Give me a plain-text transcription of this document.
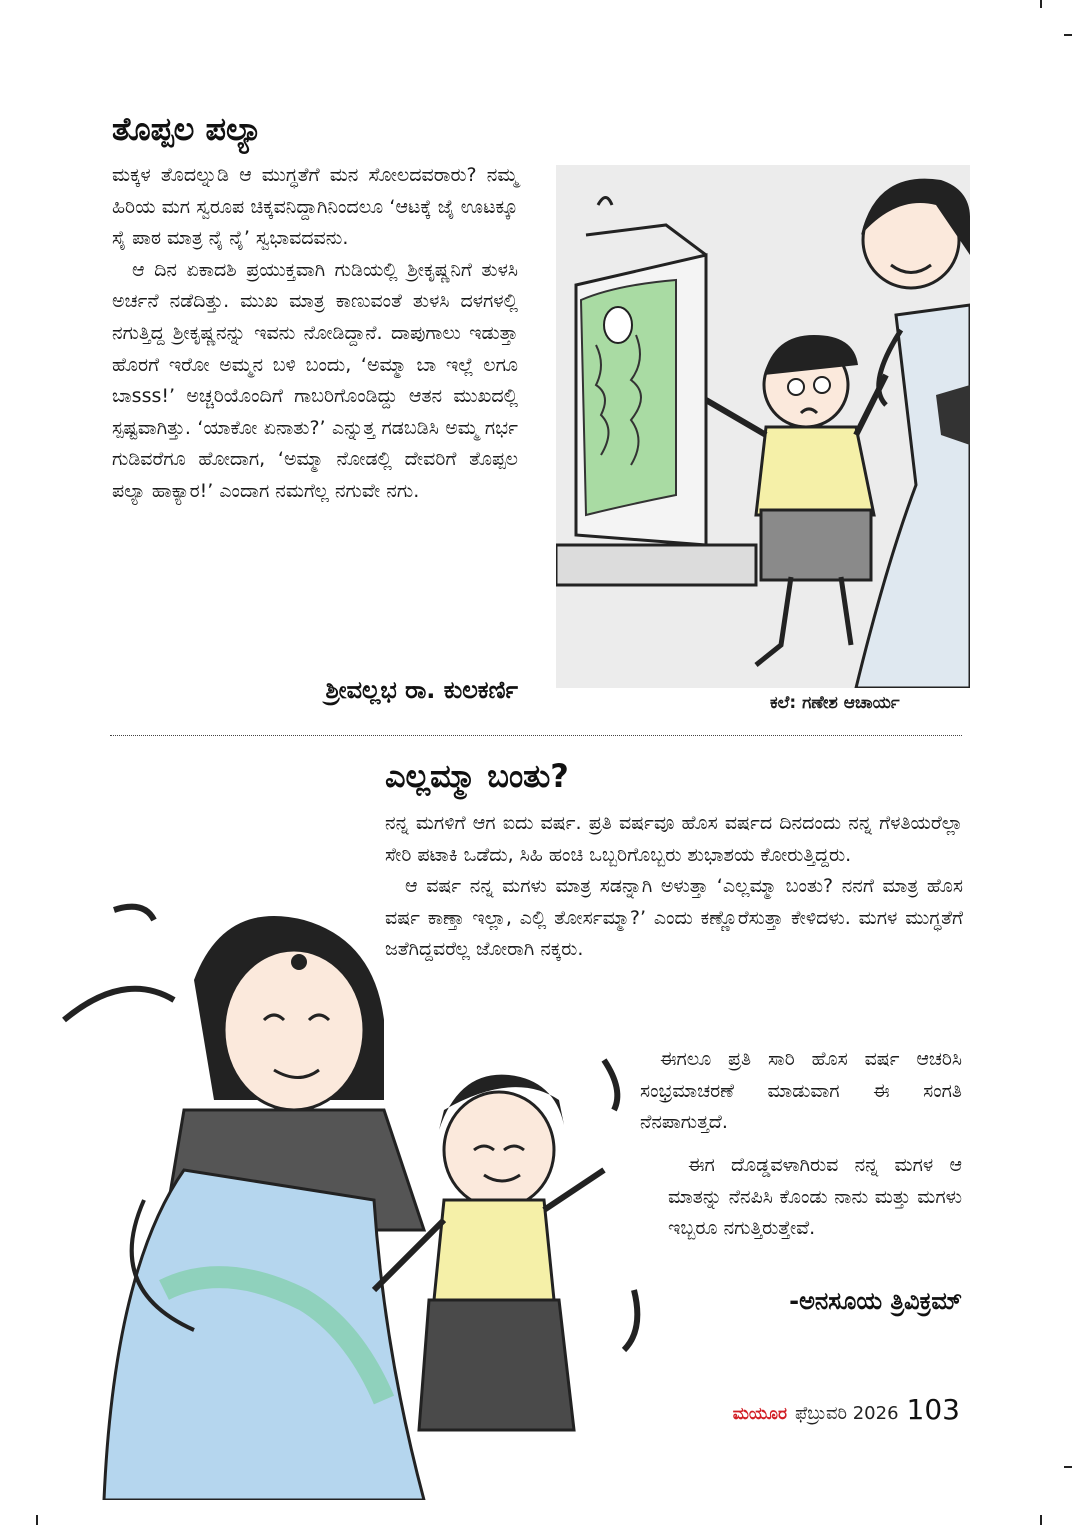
ತೊಪ್ಪಲ ಪಲ್ಯಾ

ಮಕ್ಕಳ ತೊದಲ್ನುಡಿ ಆ ಮುಗ್ಧತೆಗೆ ಮನ ಸೋಲದವರಾರು? ನಮ್ಮ ಹಿರಿಯ ಮಗ ಸ್ವರೂಪ ಚಿಕ್ಕವನಿದ್ದಾಗಿನಿಂದಲೂ ‘ಆಟಕ್ಕೆ ಜೈ ಊಟಕ್ಕೂ ಸೈ ಪಾಠ ಮಾತ್ರ ನೈ ನೈ’ ಸ್ವಭಾವದವನು.

ಆ ದಿನ ಏಕಾದಶಿ ಪ್ರಯುಕ್ತವಾಗಿ ಗುಡಿಯಲ್ಲಿ ಶ್ರೀಕೃಷ್ಣನಿಗೆ ತುಳಸಿ ಅರ್ಚನೆ ನಡೆದಿತ್ತು. ಮುಖ ಮಾತ್ರ ಕಾಣುವಂತೆ ತುಳಸಿ ದಳಗಳಲ್ಲಿ ನಗುತ್ತಿದ್ದ ಶ್ರೀಕೃಷ್ಣನನ್ನು ಇವನು ನೋಡಿದ್ದಾನೆ. ದಾಪುಗಾಲು ಇಡುತ್ತಾ ಹೊರಗೆ ಇರೋ ಅಮ್ಮನ ಬಳಿ ಬಂದು, ‘ಅಮ್ಮಾ ಬಾ ಇಲ್ಲೆ ಲಗೂ ಬಾsss!’ ಅಚ್ಚರಿಯೊಂದಿಗೆ ಗಾಬರಿಗೊಂಡಿದ್ದು ಆತನ ಮುಖದಲ್ಲಿ ಸ್ಪಷ್ಟವಾಗಿತ್ತು. ‘ಯಾಕೋ ಏನಾತು?’ ಎನ್ನುತ್ತ ಗಡಬಡಿಸಿ ಅಮ್ಮ ಗರ್ಭ ಗುಡಿವರೆಗೂ ಹೋದಾಗ, ‘ಅಮ್ಮಾ ನೋಡಲ್ಲಿ ದೇವರಿಗೆ ತೊಪ್ಪಲ ಪಲ್ಯಾ ಹಾಕ್ಯಾರ!’ ಎಂದಾಗ ನಮಗೆಲ್ಲ ನಗುವೇ ನಗು.

ಶ್ರೀವಲ್ಲಭ ರಾ. ಕುಲಕರ್ಣಿ	ಕಲೆ: ಗಣೇಶ ಆಚಾರ್ಯ
ಎಲ್ಲಮ್ಮಾ ಬಂತು?

ನನ್ನ ಮಗಳಿಗೆ ಆಗ ಐದು ವರ್ಷ. ಪ್ರತಿ ವರ್ಷವೂ ಹೊಸ ವರ್ಷದ ದಿನದಂದು ನನ್ನ ಗೆಳತಿಯರೆಲ್ಲಾ ಸೇರಿ ಪಟಾಕಿ ಒಡೆದು, ಸಿಹಿ ಹಂಚಿ ಒಬ್ಬರಿಗೊಬ್ಬರು ಶುಭಾಶಯ ಕೋರುತ್ತಿದ್ದರು.

ಆ ವರ್ಷ ನನ್ನ ಮಗಳು ಮಾತ್ರ ಸಡನ್ನಾಗಿ ಅಳುತ್ತಾ ‘ಎಲ್ಲಮ್ಮಾ ಬಂತು? ನನಗೆ ಮಾತ್ರ ಹೊಸ ವರ್ಷ ಕಾಣ್ತಾ ಇಲ್ಲಾ, ಎಲ್ಲಿ ತೋರ್ಸಮ್ಮಾ?’ ಎಂದು ಕಣ್ಣೊರೆಸುತ್ತಾ ಕೇಳಿದಳು. ಮಗಳ ಮುಗ್ಧತೆಗೆ ಜತೆಗಿದ್ದವರೆಲ್ಲ ಜೋರಾಗಿ ನಕ್ಕರು.

ಈಗಲೂ ಪ್ರತಿ ಸಾರಿ ಹೊಸ ವರ್ಷ ಆಚರಿಸಿ ಸಂಭ್ರಮಾಚರಣೆ ಮಾಡುವಾಗ ಈ ಸಂಗತಿ ನೆನಪಾಗುತ್ತದೆ.

ಈಗ ದೊಡ್ಡವಳಾಗಿರುವ ನನ್ನ ಮಗಳ ಆ ಮಾತನ್ನು ನೆನಪಿಸಿ ಕೊಂಡು ನಾನು ಮತ್ತು ಮಗಳು ಇಬ್ಬರೂ ನಗುತ್ತಿರುತ್ತೇವೆ.

-ಅನಸೂಯ ತ್ರಿವಿಕ್ರಮ್
ಮಯೂರ ಫೆಬ್ರುವರಿ 2026 103
